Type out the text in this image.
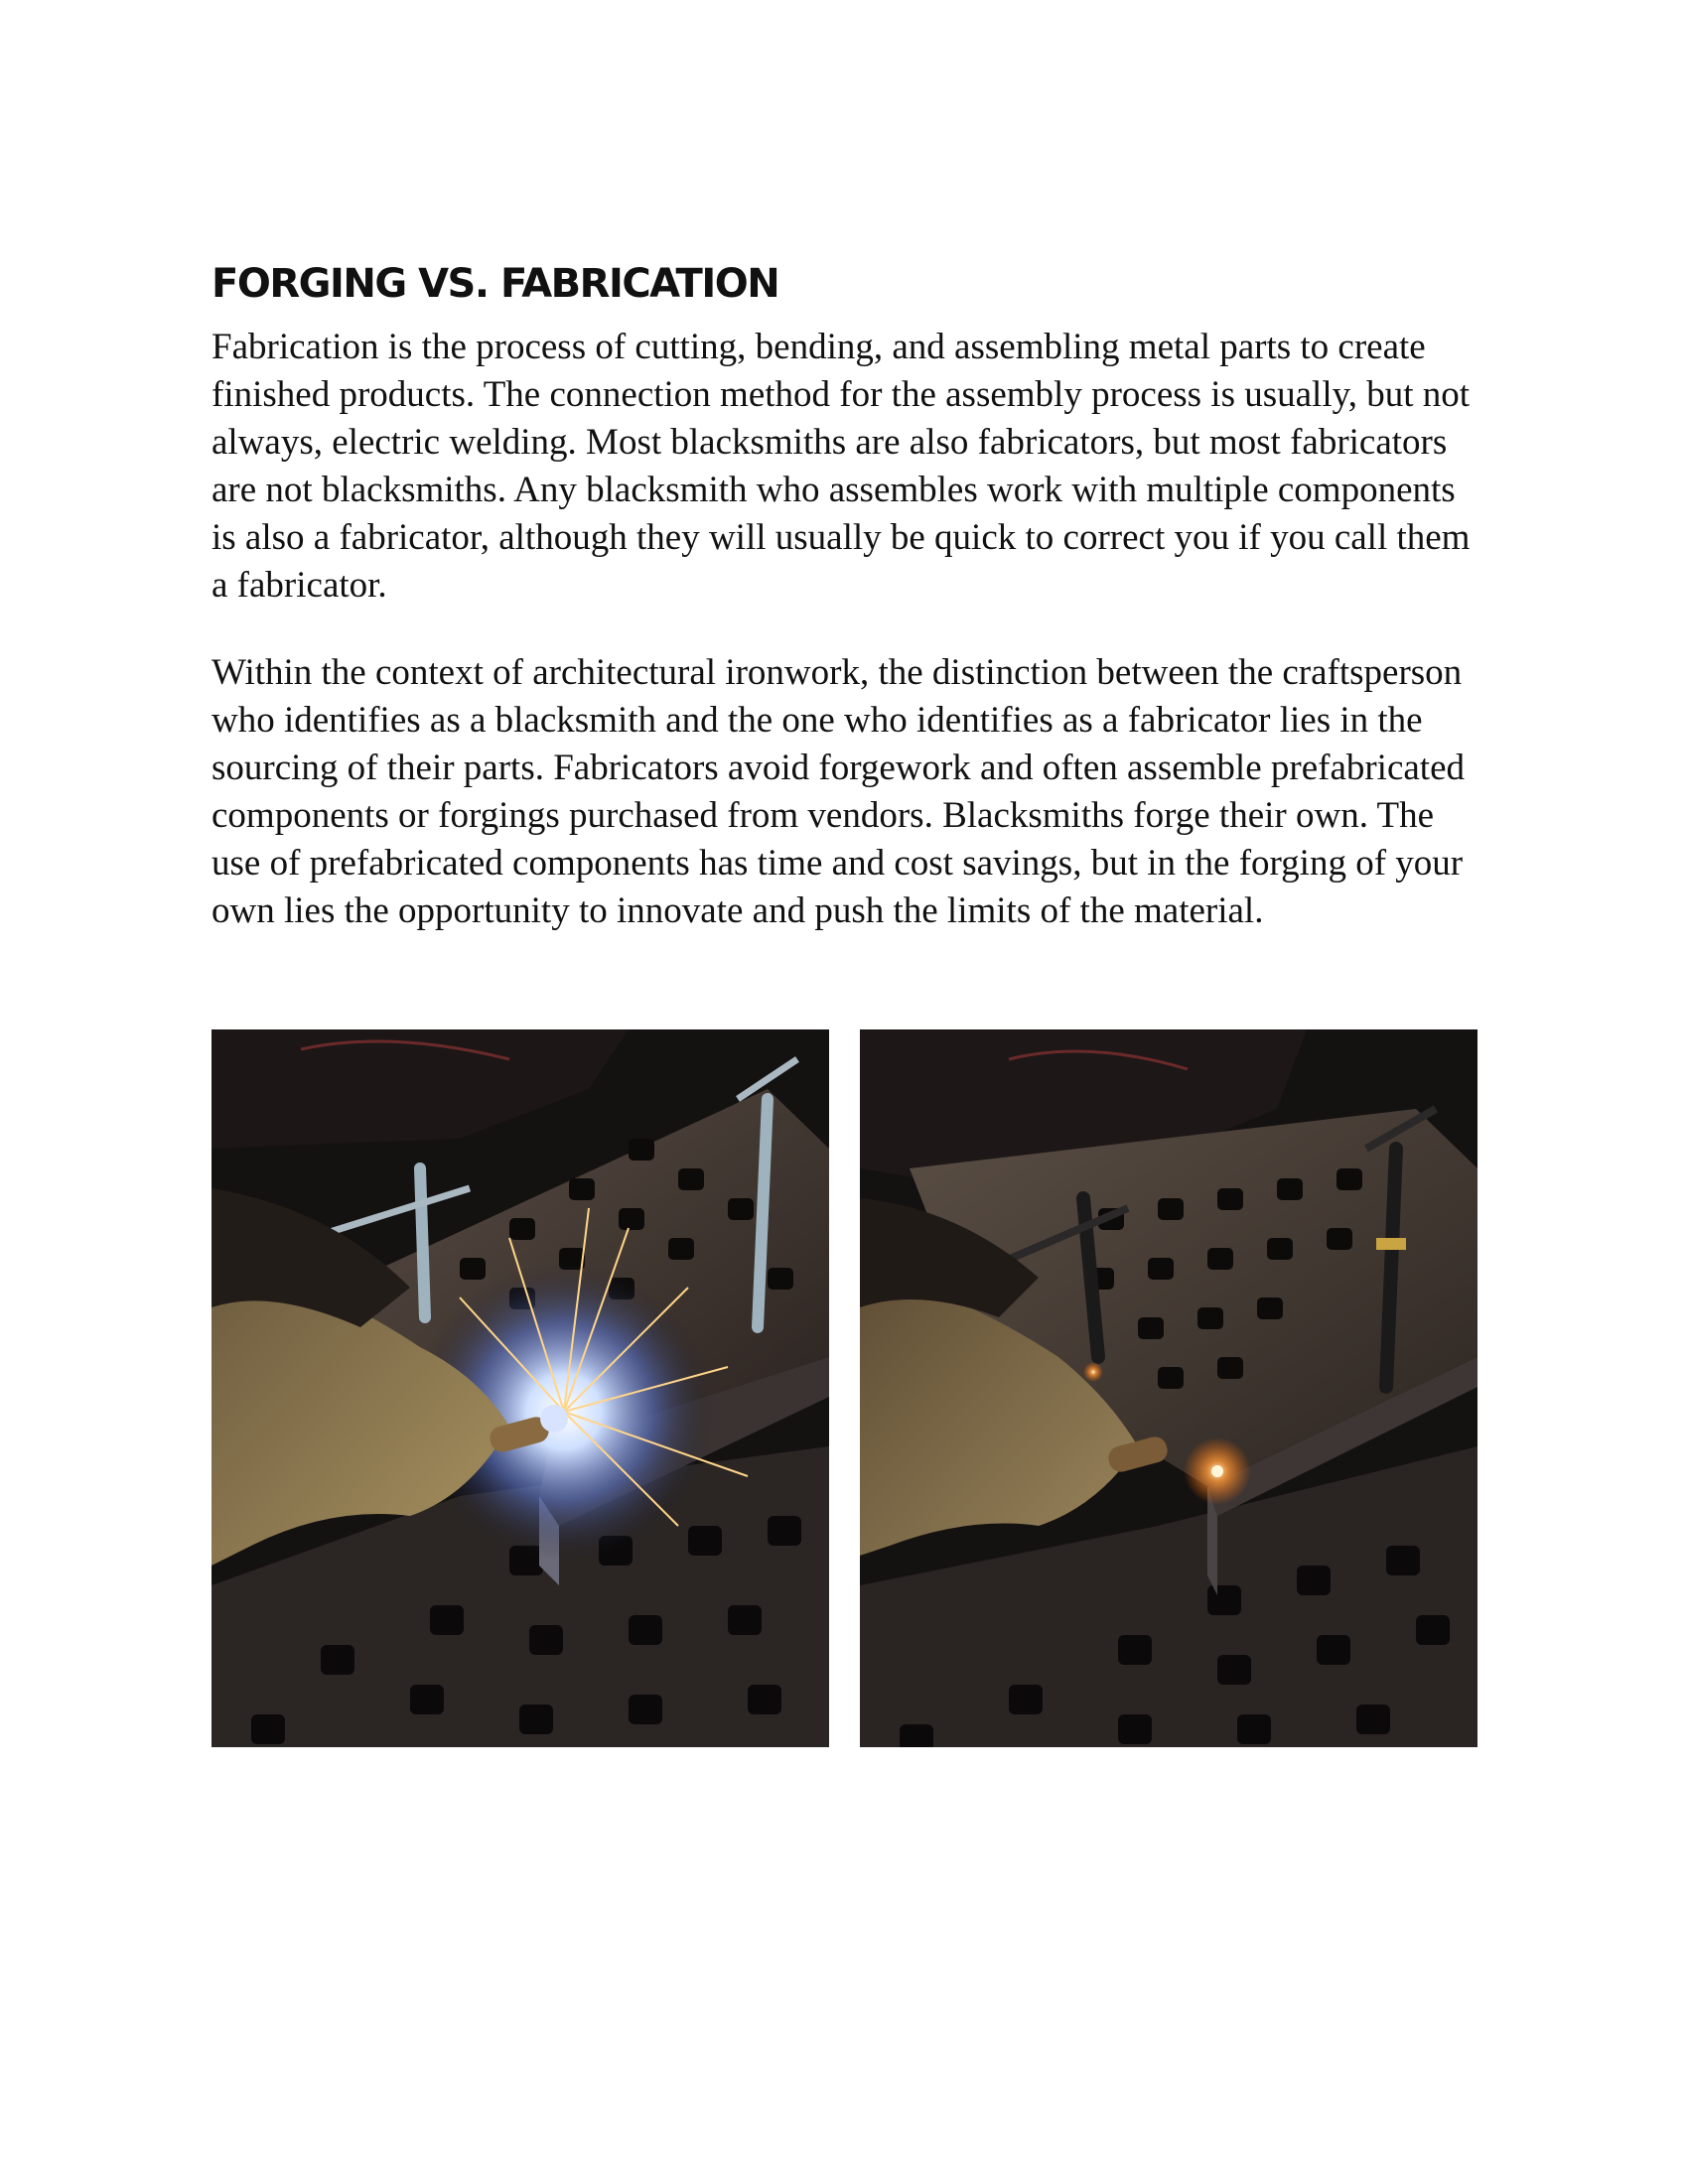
FORGING VS. FABRICATION

Fabrication is the process of cutting, bending, and assembling metal parts to create finished products. The connection method for the assembly process is usually, but not always, electric welding. Most blacksmiths are also fabricators, but most fabricators are not blacksmiths. Any blacksmith who assembles work with multiple components is also a fabricator, although they will usually be quick to correct you if you call them a fabricator.

Within the context of architectural ironwork, the distinction between the craftsperson who identifies as a blacksmith and the one who identifies as a fabricator lies in the sourcing of their parts. Fabricators avoid forgework and often assemble prefabricated components or forgings purchased from vendors. Blacksmiths forge their own. The use of prefabricated components has time and cost savings, but in the forging of your own lies the opportunity to innovate and push the limits of the material.
